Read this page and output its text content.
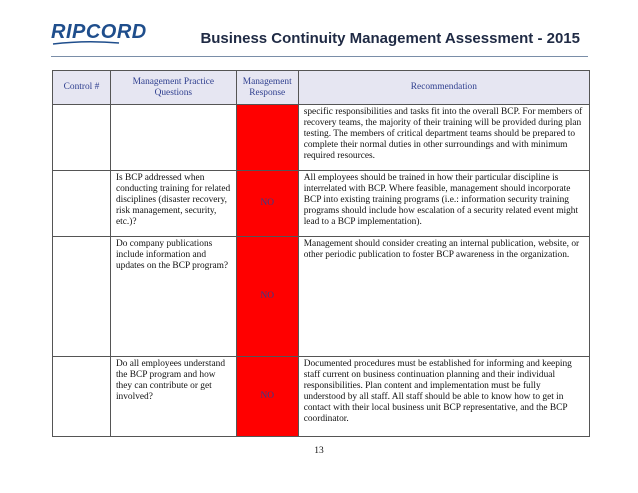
RIPCORD	Business Continuity Management Assessment - 2015
Control #	Management Practice Questions	Management Response	Recommendation
			specific responsibilities and tasks fit into the overall BCP. For members of recovery teams, the majority of their training will be provided during plan testing. The members of critical department teams should be prepared to complete their normal duties in other surroundings and with minimum required resources.
	Is BCP addressed when conducting training for related disciplines (disaster recovery, risk management, security, etc.)?	NO	All employees should be trained in how their particular discipline is interrelated with BCP. Where feasible, management should incorporate BCP into existing training programs (i.e.: information security training programs should include how escalation of a security related event might lead to a BCP implementation).
	Do company publications include information and updates on the BCP program?	NO	Management should consider creating an internal publication, website, or other periodic publication to foster BCP awareness in the organization.
	Do all employees understand the BCP program and how they can contribute or get involved?	NO	Documented procedures must be established for informing and keeping staff current on business continuation planning and their individual responsibilities. Plan content and implementation must be fully understood by all staff. All staff should be able to know how to get in contact with their local business unit BCP representative, and the BCP coordinator.
13
